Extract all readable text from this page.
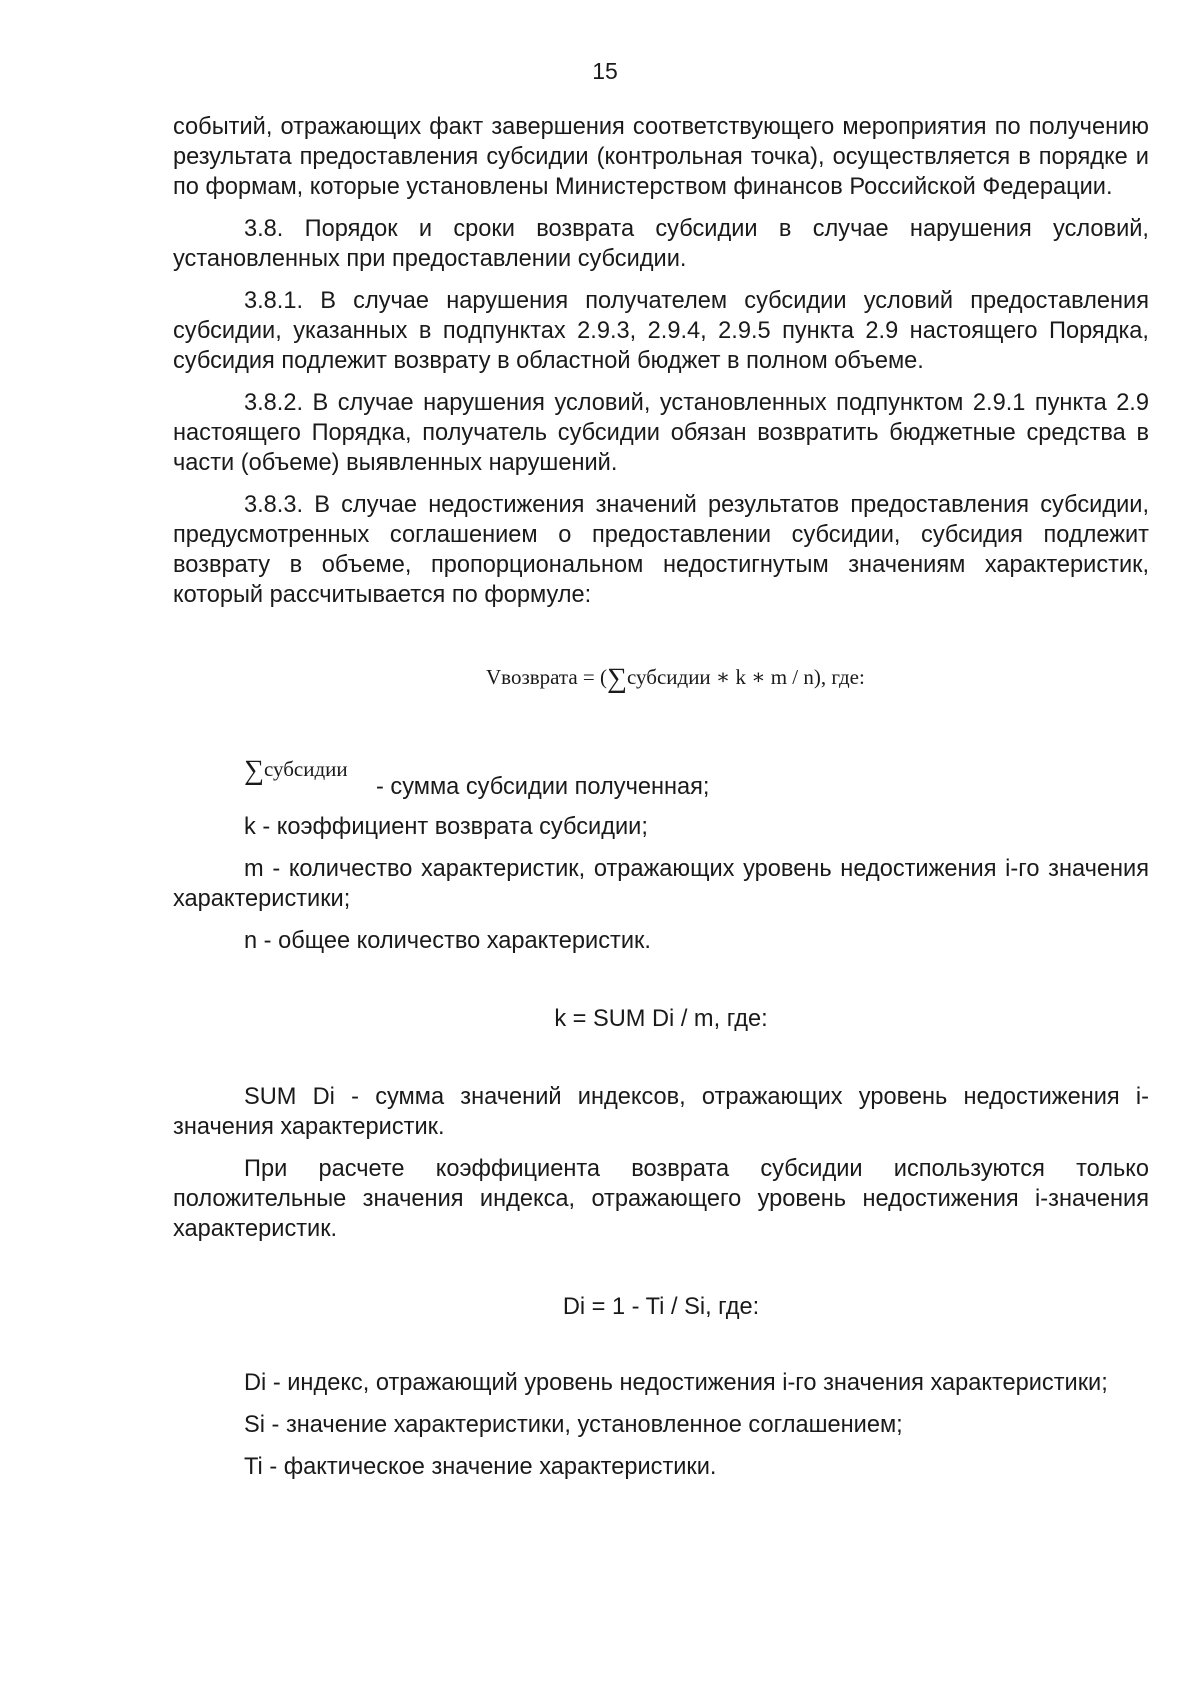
15

событий, отражающих факт завершения соответствующего мероприятия по получению результата предоставления субсидии (контрольная точка), осуществляется в порядке и по формам, которые установлены Министерством финансов Российской Федерации.

3.8. Порядок и сроки возврата субсидии в случае нарушения условий, установленных при предоставлении субсидии.

3.8.1. В случае нарушения получателем субсидии условий предоставления субсидии, указанных в подпунктах 2.9.3, 2.9.4, 2.9.5 пункта 2.9 настоящего Порядка, субсидия подлежит возврату в областной бюджет в полном объеме.

3.8.2. В случае нарушения условий, установленных подпунктом 2.9.1 пункта 2.9 настоящего Порядка, получатель субсидии обязан возвратить бюджетные средства в части (объеме) выявленных нарушений.

3.8.3. В случае недостижения значений результатов предоставления субсидии, предусмотренных соглашением о предоставлении субсидии, субсидия подлежит возврату в объеме, пропорциональном недостигнутым значениям характеристик, который рассчитывается по формуле:

Vвозврата = (∑субсидии ∗ k ∗ m / n), где:
∑субсидии
- сумма субсидии полученная;

k - коэффициент возврата субсидии;

m - количество характеристик, отражающих уровень недостижения i-го значения характеристики;

n - общее количество характеристик.

k = SUM Di / m, где:

SUM Di - сумма значений индексов, отражающих уровень недостижения i-значения характеристик.

При расчете коэффициента возврата субсидии используются только положительные значения индекса, отражающего уровень недостижения i-значения характеристик.

Di = 1 - Ti / Si, где:

Di - индекс, отражающий уровень недостижения i-го значения характеристики;

Si - значение характеристики, установленное соглашением;

Ti - фактическое значение характеристики.
